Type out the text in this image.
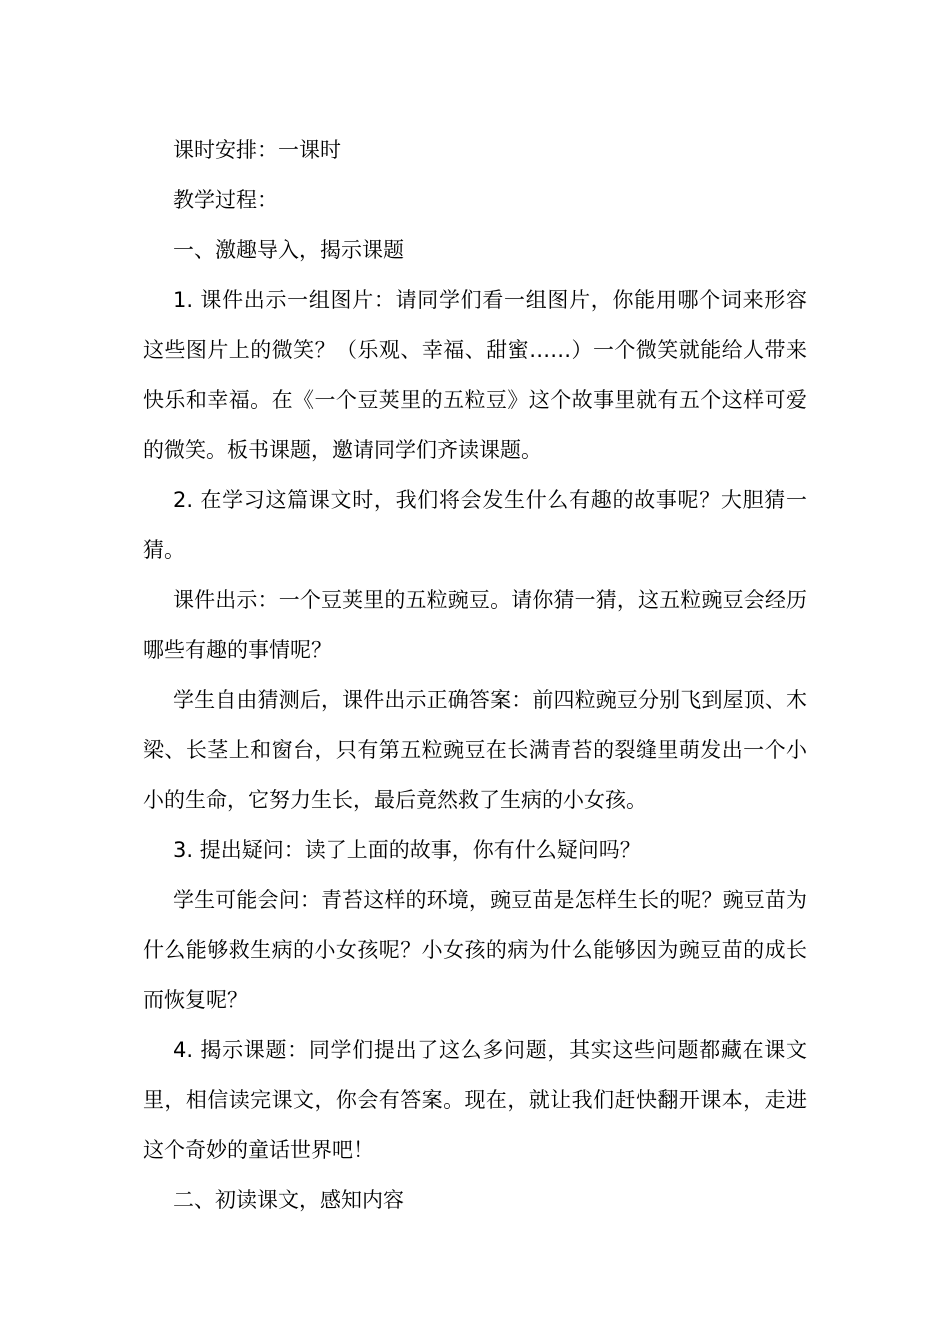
课时安排：一课时

教学过程：

一、激趣导入，揭示课题

1. 课件出示一组图片：请同学们看一组图片，你能用哪个词来形容这些图片上的微笑？（乐观、幸福、甜蜜……）一个微笑就能给人带来快乐和幸福。在《一个豆荚里的五粒豆》这个故事里就有五个这样可爱的微笑。板书课题，邀请同学们齐读课题。

2. 在学习这篇课文时，我们将会发生什么有趣的故事呢？大胆猜一猜。

课件出示：一个豆荚里的五粒豌豆。请你猜一猜，这五粒豌豆会经历哪些有趣的事情呢？

学生自由猜测后，课件出示正确答案：前四粒豌豆分别飞到屋顶、木梁、长茎上和窗台，只有第五粒豌豆在长满青苔的裂缝里萌发出一个小小的生命，它努力生长，最后竟然救了生病的小女孩。

3. 提出疑问：读了上面的故事，你有什么疑问吗？

学生可能会问：青苔这样的环境，豌豆苗是怎样生长的呢？豌豆苗为什么能够救生病的小女孩呢？小女孩的病为什么能够因为豌豆苗的成长而恢复呢？

4. 揭示课题：同学们提出了这么多问题，其实这些问题都藏在课文里，相信读完课文，你会有答案。现在，就让我们赶快翻开课本，走进这个奇妙的童话世界吧！

二、初读课文，感知内容
